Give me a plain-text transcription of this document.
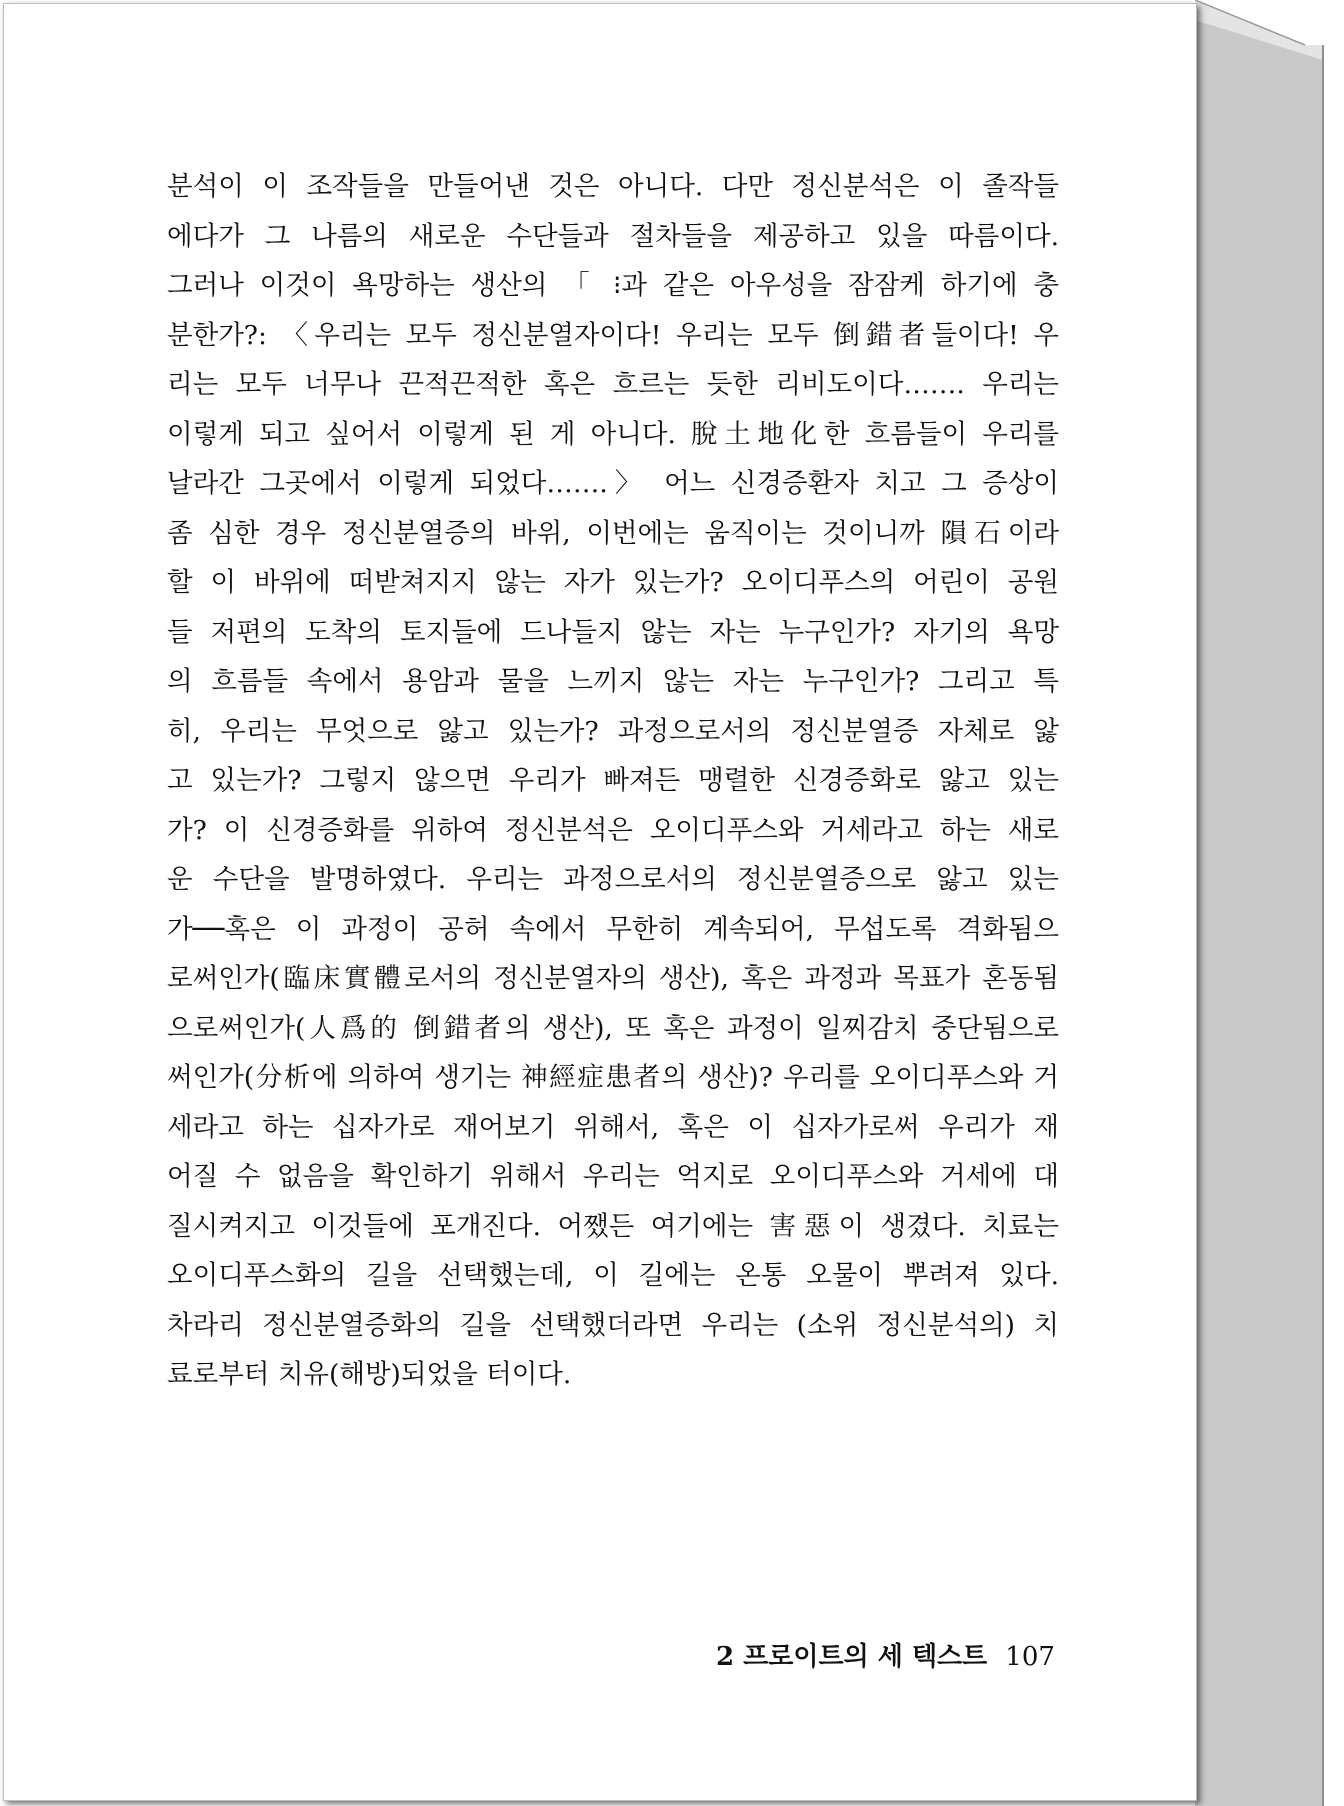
분석이 이 조작들을 만들어낸 것은 아니다. 다만 정신분석은 이 졸작들
에다가 그 나름의 새로운 수단들과 절차들을 제공하고 있을 따름이다.
그러나 이것이 욕망하는 생산의 「 ⁝과 같은 아우성을 잠잠케 하기에 충
분한가?: 〈우리는 모두 정신분열자이다! 우리는 모두 倒錯者들이다! 우
리는 모두 너무나 끈적끈적한 혹은 흐르는 듯한 리비도이다……. 우리는
이렇게 되고 싶어서 이렇게 된 게 아니다. 脫土地化한 흐름들이 우리를
날라간 그곳에서 이렇게 되었다…….〉 어느 신경증환자 치고 그 증상이
좀 심한 경우 정신분열증의 바위, 이번에는 움직이는 것이니까 隕石이라
할 이 바위에 떠받쳐지지 않는 자가 있는가? 오이디푸스의 어린이 공원
들 저편의 도착의 토지들에 드나들지 않는 자는 누구인가? 자기의 욕망
의 흐름들 속에서 용암과 물을 느끼지 않는 자는 누구인가? 그리고 특
히, 우리는 무엇으로 앓고 있는가? 과정으로서의 정신분열증 자체로 앓
고 있는가? 그렇지 않으면 우리가 빠져든 맹렬한 신경증화로 앓고 있는
가? 이 신경증화를 위하여 정신분석은 오이디푸스와 거세라고 하는 새로
운 수단을 발명하였다. 우리는 과정으로서의 정신분열증으로 앓고 있는
가──혹은 이 과정이 공허 속에서 무한히 계속되어, 무섭도록 격화됨으
로써인가(臨床實體로서의 정신분열자의 생산), 혹은 과정과 목표가 혼동됨
으로써인가(人爲的 倒錯者의 생산), 또 혹은 과정이 일찌감치 중단됨으로
써인가(分析에 의하여 생기는 神經症患者의 생산)? 우리를 오이디푸스와 거
세라고 하는 십자가로 재어보기 위해서, 혹은 이 십자가로써 우리가 재
어질 수 없음을 확인하기 위해서 우리는 억지로 오이디푸스와 거세에 대
질시켜지고 이것들에 포개진다. 어쨌든 여기에는 害惡이 생겼다. 치료는
오이디푸스화의 길을 선택했는데, 이 길에는 온통 오물이 뿌려져 있다.
차라리 정신분열증화의 길을 선택했더라면 우리는 (소위 정신분석의) 치
료로부터 치유(해방)되었을 터이다.
2 프로이트의 세 텍스트 107
